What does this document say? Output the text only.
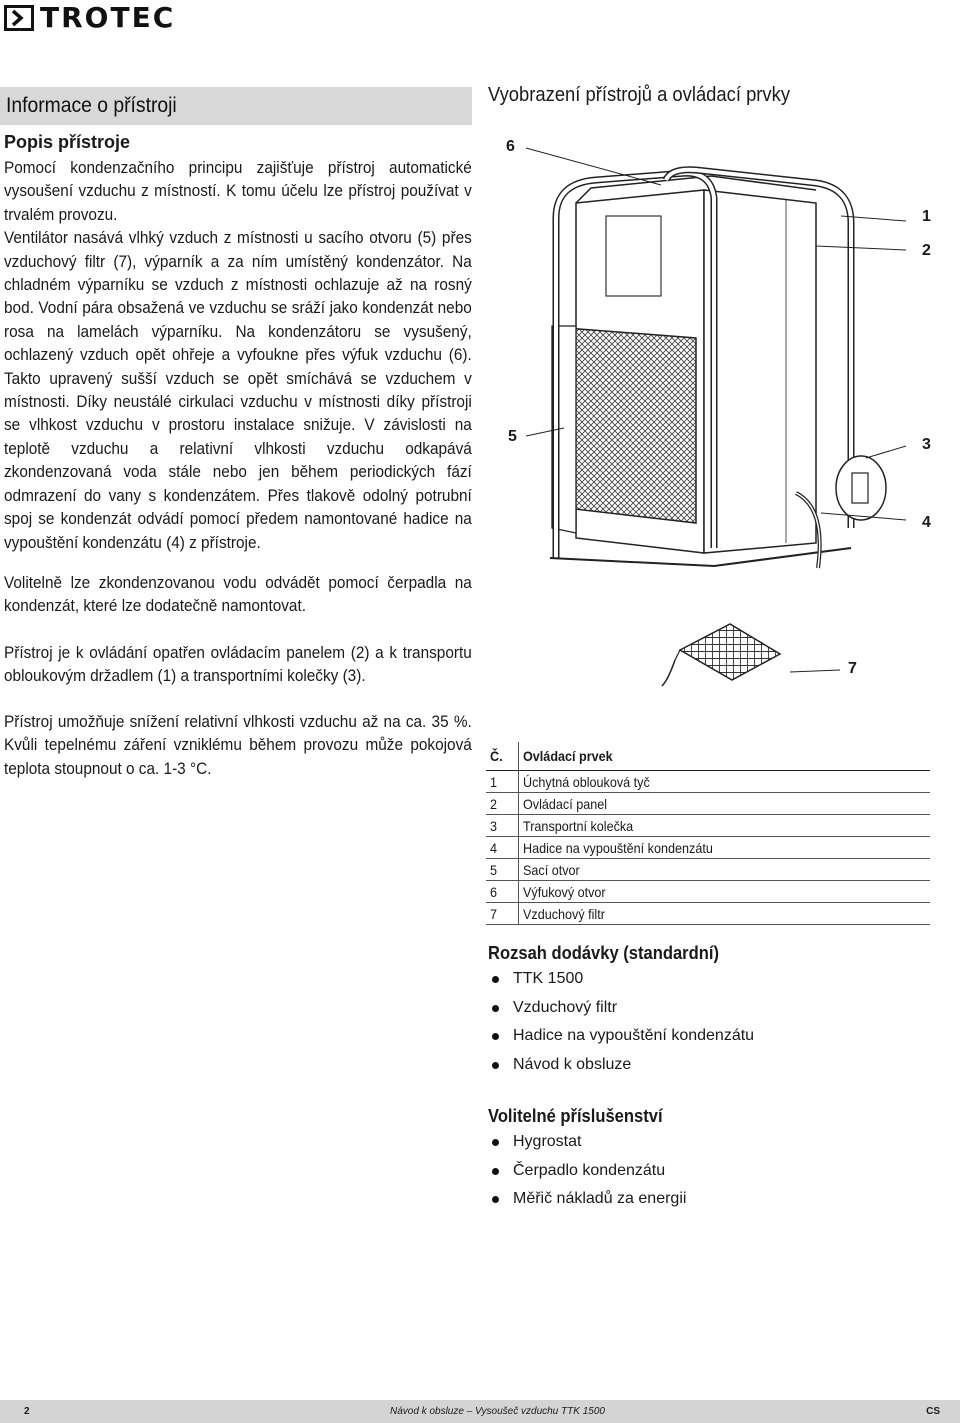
TROTEC
Informace o přístroji
Popis přístroje

Pomocí kondenzačního principu zajišťuje přístroj automatické vysoušení vzduchu z místností. K tomu účelu lze přístroj používat v trvalém provozu.

Ventilátor nasává vlhký vzduch z místnosti u sacího otvoru (5) přes vzduchový filtr (7), výparník a za ním umístěný kondenzátor. Na chladném výparníku se vzduch z místnosti ochlazuje až na rosný bod. Vodní pára obsažená ve vzduchu se sráží jako kondenzát nebo rosa na lamelách výparníku. Na kondenzátoru se vysušený, ochlazený vzduch opět ohřeje a vyfoukne přes výfuk vzduchu (6). Takto upravený sušší vzduch se opět smíchává se vzduchem v místnosti. Díky neustálé cirkulaci vzduchu v místnosti díky přístroji se vlhkost vzduchu v prostoru instalace snižuje. V závislosti na teplotě vzduchu a relativní vlhkosti vzduchu odkapává zkondenzovaná voda stále nebo jen během periodických fází odmrazení do vany s kondenzátem. Přes tlakově odolný potrubní spoj se kondenzát odvádí pomocí předem namontované hadice na vypouštění kondenzátu (4) z přístroje.

Volitelně lze zkondenzovanou vodu odvádět pomocí čerpadla na kondenzát, které lze dodatečně namontovat.

Přístroj je k ovládání opatřen ovládacím panelem (2) a k transportu obloukovým držadlem (1) a transportními kolečky (3).

Přístroj umožňuje snížení relativní vlhkosti vzduchu až na ca. 35 %. Kvůli tepelnému záření vzniklému během provozu může pokojová teplota stoupnout o ca. 1-3 °C.

Vyobrazení přístrojů a ovládací prvky
6
1
2
5	3
4
7
Č.	Ovládací prvek
1	Úchytná oblouková tyč
2	Ovládací panel
3	Transportní kolečka
4	Hadice na vypouštění kondenzátu
5	Sací otvor
6	Výfukový otvor
7	Vzduchový filtr
Rozsah dodávky (standardní)
TTK 1500
Vzduchový filtr
Hadice na vypouštění kondenzátu
Návod k obsluze
Volitelné příslušenství
Hygrostat
Čerpadlo kondenzátu
Měřič nákladů za energii
2	Návod k obsluze – Vysoušeč vzduchu TTK 1500	CS
